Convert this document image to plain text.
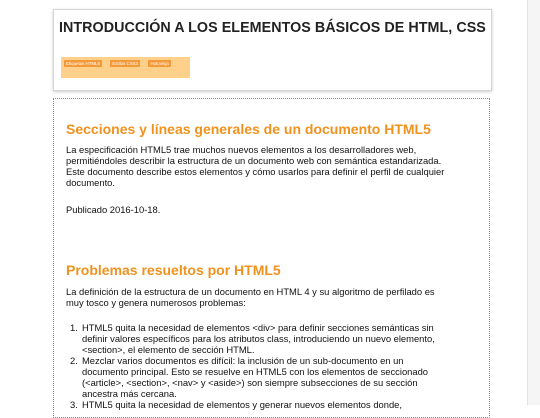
INTRODUCCIÓN A LOS ELEMENTOS BÁSICOS DE HTML, CSS
Etiquetas HTML5	Estilos CSS3	Hotovinja
Secciones y líneas generales de un documento HTML5

La especificación HTML5 trae muchos nuevos elementos a los desarrolladores web,
permitiéndoles describir la estructura de un documento web con semántica estandarizada.
Este documento describe estos elementos y cómo usarlos para definir el perfil de cualquier
documento.

Publicado 2016-10-18.

Problemas resueltos por HTML5

La definición de la estructura de un documento en HTML 4 y su algoritmo de perfilado es
muy tosco y genera numerosos problemas:

1. HTML5 quita la necesidad de elementos <div> para definir secciones semánticas sin
definir valores específicos para los atributos class, introduciendo un nuevo elemento,
<section>, el elemento de sección HTML.
2. Mezclar varios documentos es difícil: la inclusión de un sub-documento en un
documento principal. Esto se resuelve en HTML5 con los elementos de seccionado
(<article>, <section>, <nav> y <aside>) son siempre subsecciones de su sección
ancestra más cercana.
3. HTML5 quita la necesidad de elementos y generar nuevos elementos donde,
